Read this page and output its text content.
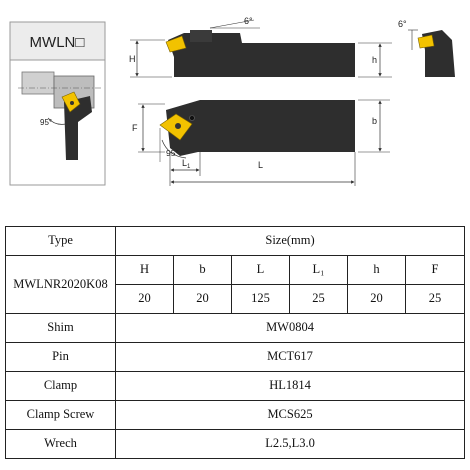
MWLN□
95°
6°
H	h
6°
$L_1$	L
F
b
95°
Type	Size(mm)					
MWLNR2020K08	H	b	L	L₁	h	F
	20	20	125	25	20	25
Shim	MW0804					
Pin	MCT617					
Clamp	HL1814					
Clamp Screw	MCS625					
Wrech	L2.5,L3.0					
